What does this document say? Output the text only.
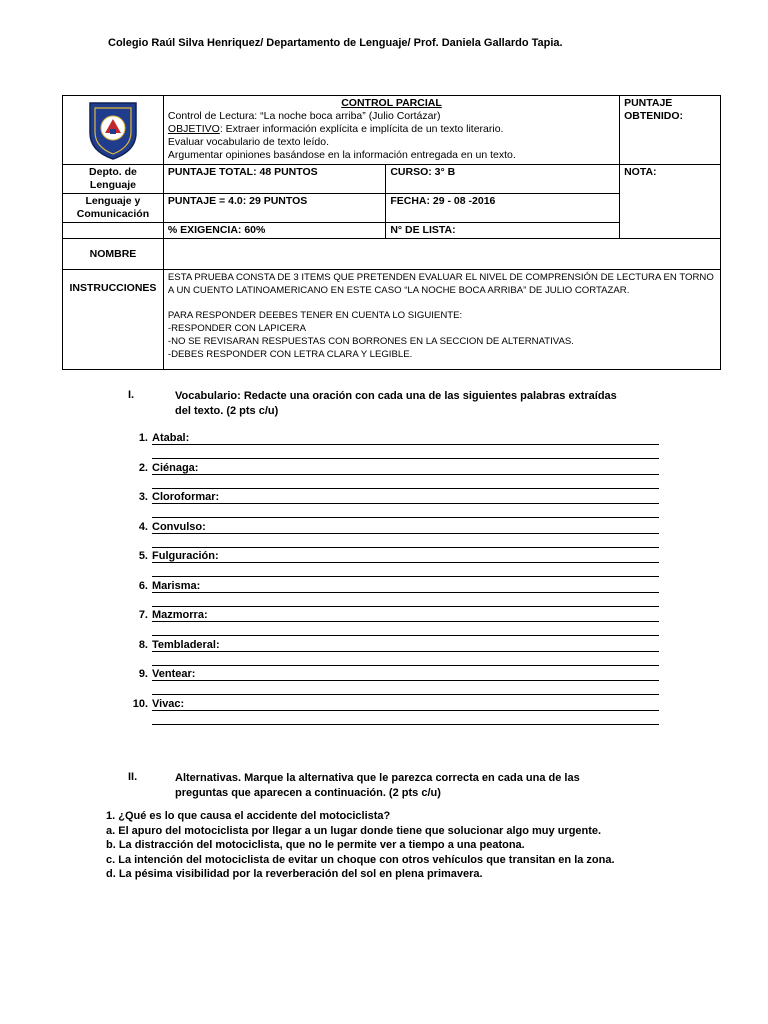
Colegio Raúl Silva Henriquez/ Departamento de Lenguaje/ Prof. Daniela Gallardo Tapia.

CONTROL PARCIAL
Control de Lectura: “La noche boca arriba” (Julio Cortázar)
OBJETIVO: Extraer información explícita e implícita de un texto literario.
Evaluar vocabulario de texto leído.
Argumentar opiniones basándose en la información entregada en un texto.		PUNTAJE OBTENIDO:

Depto. de Lenguaje	PUNTAJE TOTAL: 48 PUNTOS	CURSO: 3° B	NOTA:
Lenguaje y Comunicación	PUNTAJE = 4.0: 29 PUNTOS	FECHA: 29 - 08 -2016	
	% EXIGENCIA: 60%	N° DE LISTA:	
NOMBRE			
INSTRUCCIONES	ESTA PRUEBA CONSTA DE 3 ITEMS QUE PRETENDEN EVALUAR EL NIVEL DE COMPRENSIÓN DE LECTURA EN TORNO A UN CUENTO LATINOAMERICANO EN ESTE CASO “LA NOCHE BOCA ARRIBA” DE JULIO CORTAZAR.
PARA RESPONDER DEEBES TENER EN CUENTA LO SIGUIENTE:
-RESPONDER CON LAPICERA
-NO SE REVISARAN RESPUESTAS CON BORRONES EN LA SECCION DE ALTERNATIVAS.
-DEBES RESPONDER CON LETRA CLARA Y LEGIBLE.		
I.	Vocabulario: Redacte una oración con cada una de las siguientes palabras extraídas
del texto. (2 pts c/u)
1. Atabal:
2. Ciénaga:
3. Cloroformar:
4. Convulso:
5. Fulguración:
6. Marisma:
7. Mazmorra:
8. Tembladeral:
9. Ventear:
10. Vivac:
II.	Alternativas. Marque la alternativa que le parezca correcta en cada una de las
preguntas que aparecen a continuación. (2 pts c/u)
1. ¿Qué es lo que causa el accidente del motociclista?
a. El apuro del motociclista por llegar a un lugar donde tiene que solucionar algo muy urgente.
b. La distracción del motociclista, que no le permite ver a tiempo a una peatona.
c. La intención del motociclista de evitar un choque con otros vehículos que transitan en la zona.
d. La pésima visibilidad por la reverberación del sol en plena primavera.
